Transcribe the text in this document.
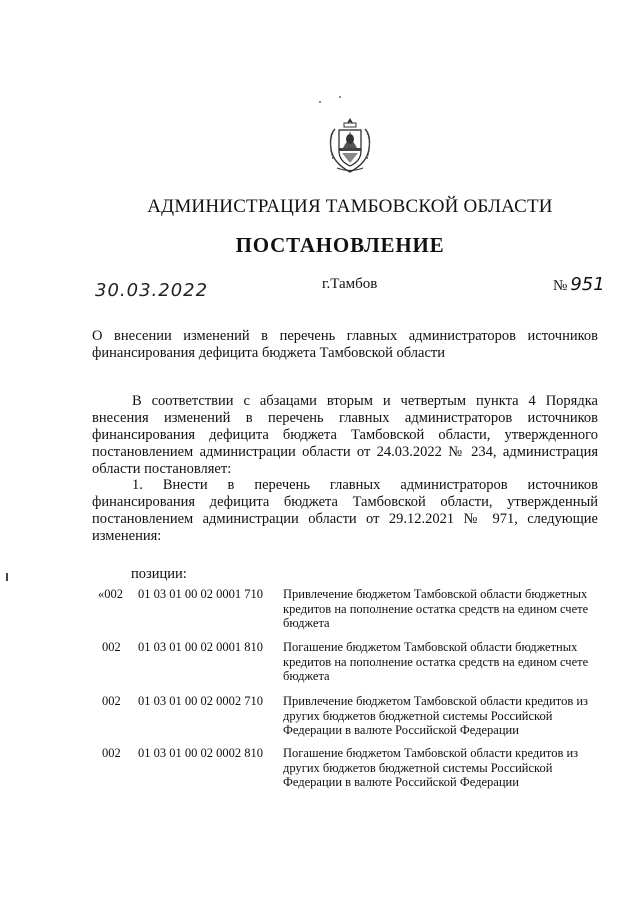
АДМИНИСТРАЦИЯ ТАМБОВСКОЙ ОБЛАСТИ
ПОСТАНОВЛЕНИЕ
30.03.2022	г.Тамбов	№ 951
О внесении изменений в перечень главных администраторов источников
финансирования дефицита бюджета Тамбовской области
В соответствии с абзацами вторым и четвертым пункта 4 Порядка внесения изменений в перечень главных администраторов источников финансирования дефицита бюджета Тамбовской области, утвержденного постановлением администрации области от 24.03.2022 № 234, администрация области постановляет:
1. Внести в перечень главных администраторов источников финансирования дефицита бюджета Тамбовской области, утвержденный постановлением администрации области от 29.12.2021 № 971, следующие изменения:
позиции:
«002 01 03 01 00 02 0001 710 Привлечение бюджетом Тамбовской области бюджетных кредитов на пополнение остатка средств на едином счете бюджета
002	01 03 01 00 02 0001 810 Погашение бюджетом Тамбовской области бюджетных кредитов на пополнение остатка средств на едином счете бюджета
002	01 03 01 00 02 0002 710 Привлечение бюджетом Тамбовской области кредитов из других бюджетов бюджетной системы Российской Федерации в валюте Российской Федерации
002	01 03 01 00 02 0002 810 Погашение бюджетом Тамбовской области кредитов из других бюджетов бюджетной системы Российской Федерации в валюте Российской Федерации
